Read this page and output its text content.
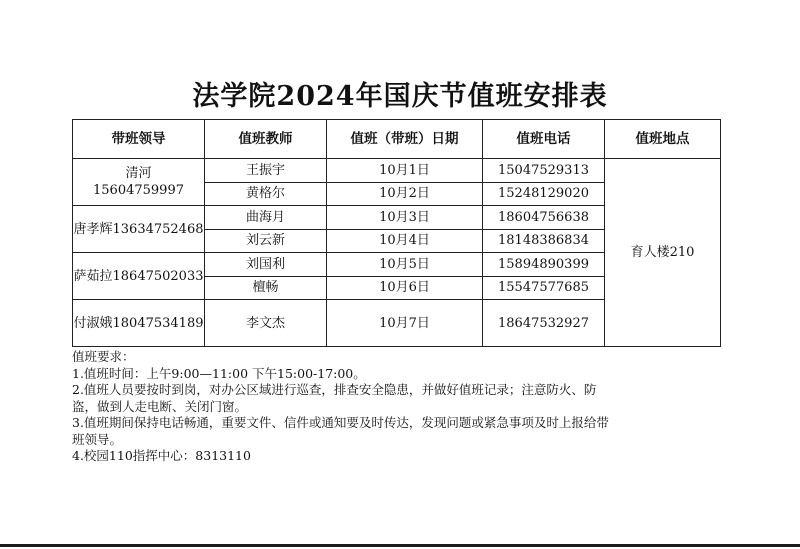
法学院2024年国庆节值班安排表
带班领导	值班教师	值班（带班）日期	值班电话	值班地点

清河
15604759997	王振宇	10月1日	15047529313	育人楼210
	黄格尔	10月2日	15248129020	
唐孝辉13634752468	曲海月	10月3日	18604756638	
	刘云新	10月4日	18148386834	
萨茹拉18647502033	刘国利	10月5日	15894890399	
	檀畅	10月6日	15547577685	
付淑娥18047534189	李文杰	10月7日	18647532927	
值班要求：
1.值班时间：上午9:00—11:00 下午15:00-17:00。
2.值班人员要按时到岗，对办公区域进行巡查，排查安全隐患，并做好值班记录；注意防火、防
盗，做到人走电断、关闭门窗。
3.值班期间保持电话畅通，重要文件、信件或通知要及时传达，发现问题或紧急事项及时上报给带
班领导。
4.校园110指挥中心：8313110
